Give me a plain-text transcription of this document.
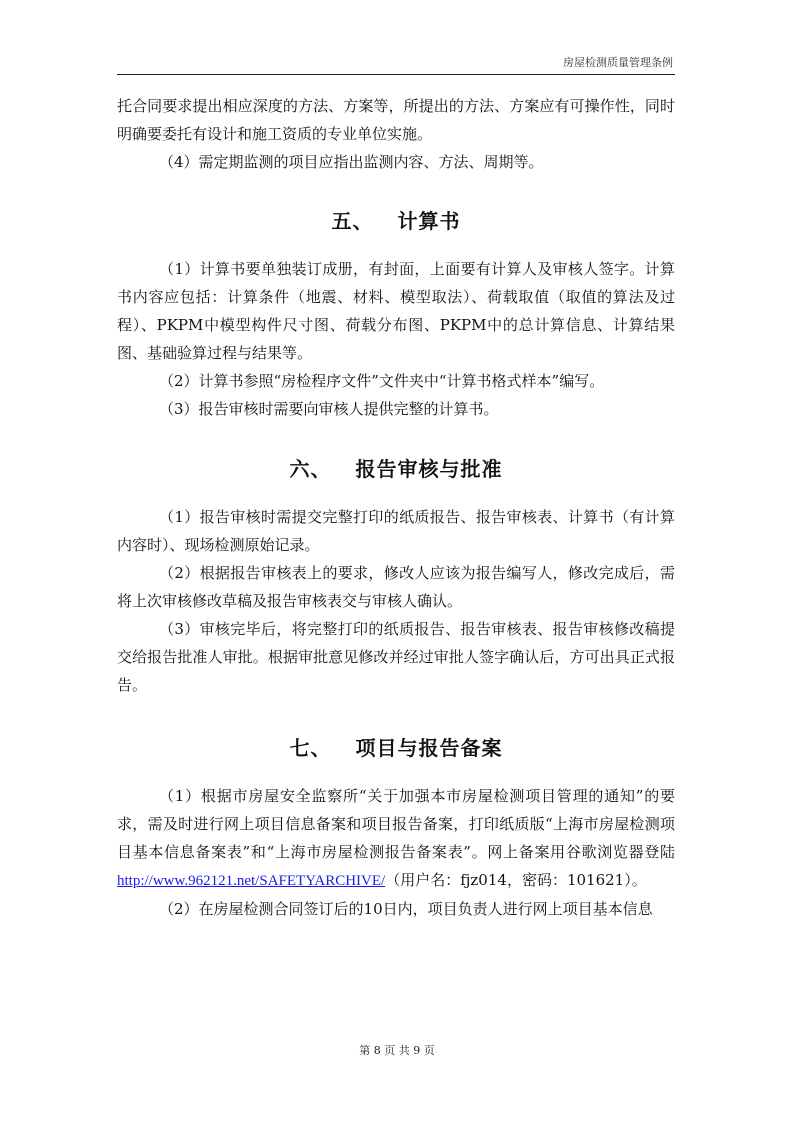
房屋检测质量管理条例

托合同要求提出相应深度的方法、方案等，所提出的方法、方案应有可操作性，同时明确要委托有设计和施工资质的专业单位实施。

（4）需定期监测的项目应指出监测内容、方法、周期等。

五、 计算书

（1）计算书要单独装订成册，有封面，上面要有计算人及审核人签字。计算书内容应包括：计算条件（地震、材料、模型取法）、荷载取值（取值的算法及过程）、PKPM中模型构件尺寸图、荷载分布图、PKPM中的总计算信息、计算结果图、基础验算过程与结果等。

（2）计算书参照“房检程序文件”文件夹中“计算书格式样本”编写。

（3）报告审核时需要向审核人提供完整的计算书。

六、 报告审核与批准

（1）报告审核时需提交完整打印的纸质报告、报告审核表、计算书（有计算内容时）、现场检测原始记录。

（2）根据报告审核表上的要求，修改人应该为报告编写人，修改完成后，需将上次审核修改草稿及报告审核表交与审核人确认。

（3）审核完毕后，将完整打印的纸质报告、报告审核表、报告审核修改稿提交给报告批准人审批。根据审批意见修改并经过审批人签字确认后，方可出具正式报告。

七、 项目与报告备案

（1）根据市房屋安全监察所“关于加强本市房屋检测项目管理的通知”的要求，需及时进行网上项目信息备案和项目报告备案，打印纸质版“上海市房屋检测项目基本信息备案表”和“上海市房屋检测报告备案表”。网上备案用谷歌浏览器登陆http://www.962121.net/SAFETYARCHIVE/（用户名：fjz014，密码：101621）。

（2）在房屋检测合同签订后的10日内，项目负责人进行网上项目基本信息

第 8 页 共 9 页
